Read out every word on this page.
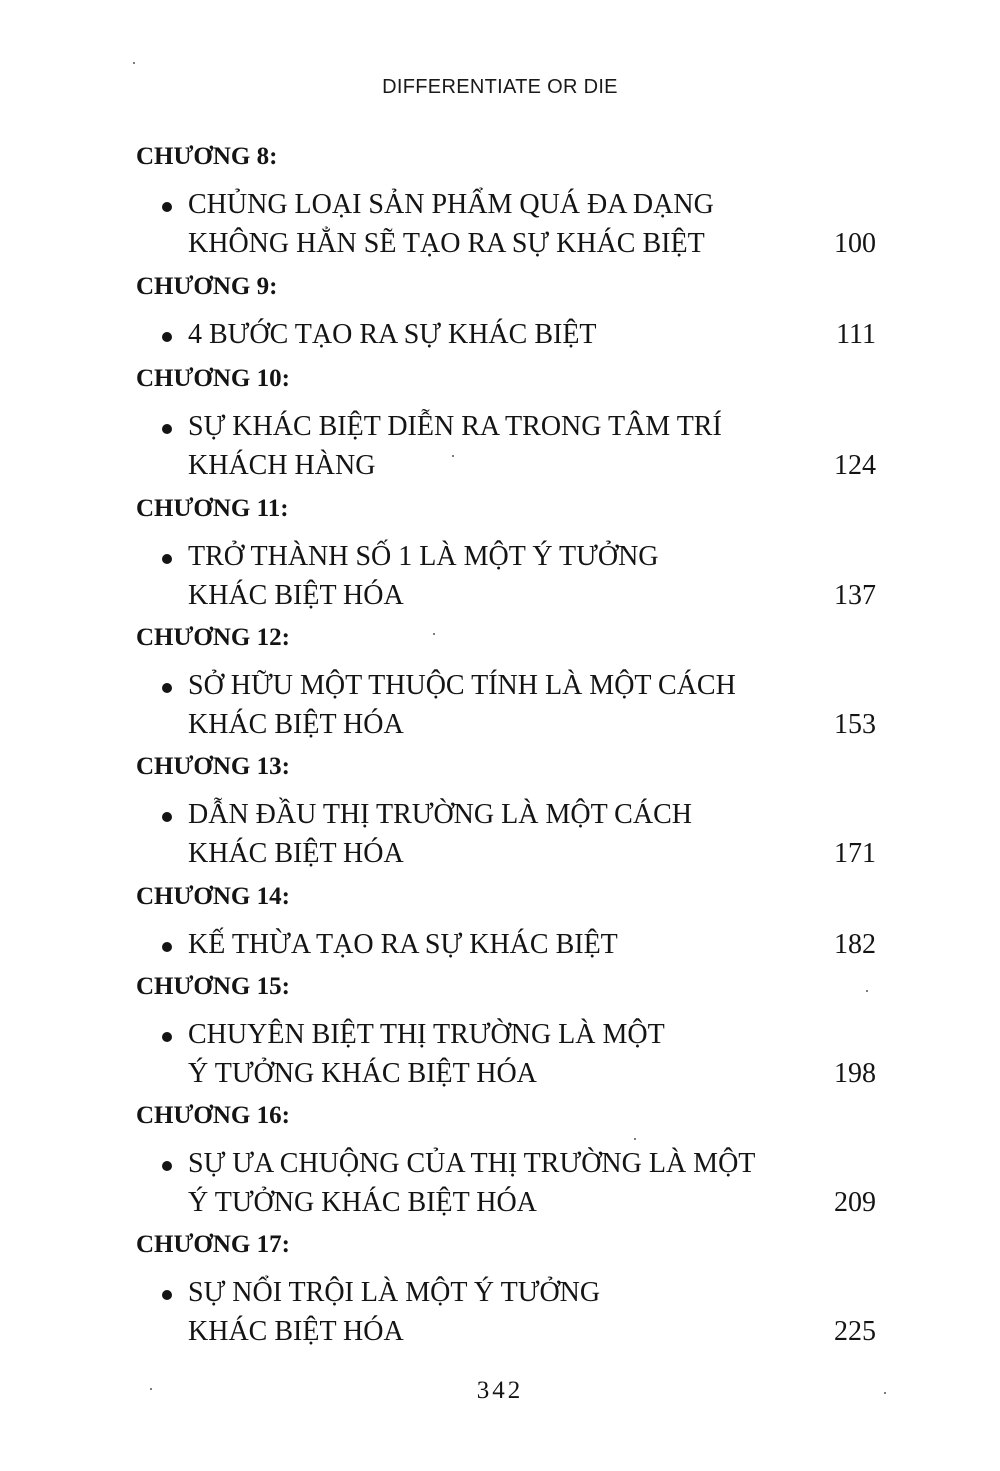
DIFFERENTIATE OR DIE
CHƯƠNG 8:
CHỦNG LOẠI SẢN PHẨM QUÁ ĐA DẠNG
KHÔNG HẲN SẼ TẠO RA SỰ KHÁC BIỆT	100
CHƯƠNG 9:
4 BƯỚC TẠO RA SỰ KHÁC BIỆT	111
CHƯƠNG 10:
SỰ KHÁC BIỆT DIỄN RA TRONG TÂM TRÍ
KHÁCH HÀNG	124
CHƯƠNG 11:
TRỞ THÀNH SỐ 1 LÀ MỘT Ý TƯỞNG
KHÁC BIỆT HÓA	137
CHƯƠNG 12:
SỞ HỮU MỘT THUỘC TÍNH LÀ MỘT CÁCH
KHÁC BIỆT HÓA	153
CHƯƠNG 13:
DẪN ĐẦU THỊ TRƯỜNG LÀ MỘT CÁCH
KHÁC BIỆT HÓA	171
CHƯƠNG 14:
KẾ THỪA TẠO RA SỰ KHÁC BIỆT	182
CHƯƠNG 15:
CHUYÊN BIỆT THỊ TRƯỜNG LÀ MỘT
Ý TƯỞNG KHÁC BIỆT HÓA	198
CHƯƠNG 16:
SỰ ƯA CHUỘNG CỦA THỊ TRƯỜNG LÀ MỘT
Ý TƯỞNG KHÁC BIỆT HÓA	209
CHƯƠNG 17:
SỰ NỔI TRỘI LÀ MỘT Ý TƯỞNG
KHÁC BIỆT HÓA	225
342
